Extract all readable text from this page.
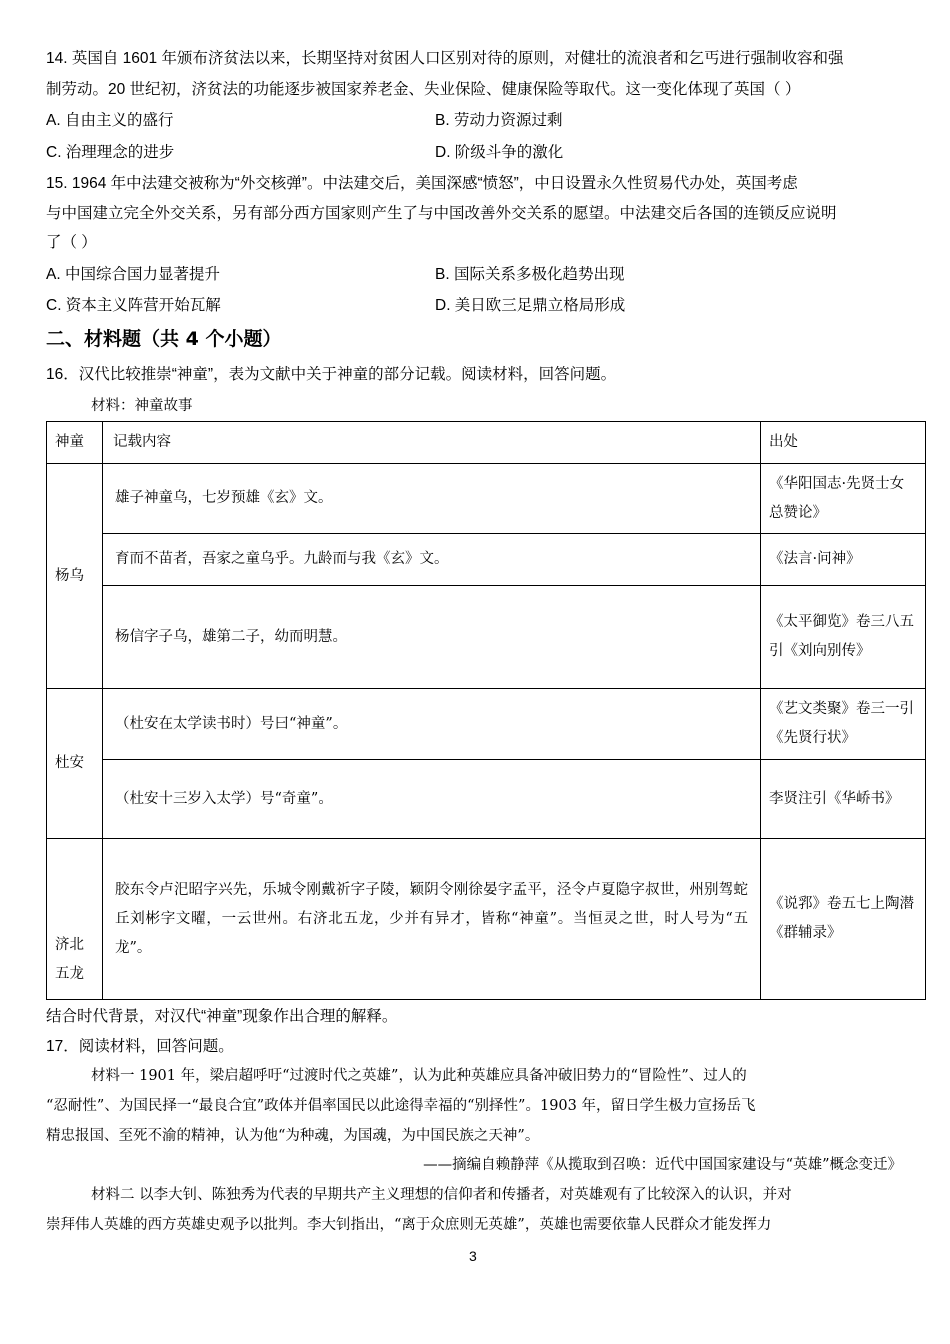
14. 英国自 1601 年颁布济贫法以来，长期坚持对贫困人口区别对待的原则，对健壮的流浪者和乞丐进行强制收容和强
制劳动。20 世纪初，济贫法的功能逐步被国家养老金、失业保险、健康保险等取代。这一变化体现了英国（ ）
A. 自由主义的盛行	B. 劳动力资源过剩
C. 治理理念的进步	D. 阶级斗争的激化
15. 1964 年中法建交被称为“外交核弹”。中法建交后，美国深感“愤怒”，中日设置永久性贸易代办处，英国考虑
与中国建立完全外交关系，另有部分西方国家则产生了与中国改善外交关系的愿望。中法建交后各国的连锁反应说明
了（ ）
A. 中国综合国力显著提升	B. 国际关系多极化趋势出现
C. 资本主义阵营开始瓦解	D. 美日欧三足鼎立格局形成
二、材料题（共 4 个小题）
16．汉代比较推崇“神童”，表为文献中关于神童的部分记载。阅读材料，回答问题。
材料：神童故事
神童	记载内容	出处
杨乌	雄子神童乌，七岁预雄《玄》文。	《华阳国志·先贤士女总赞论》
	育而不苗者，吾家之童乌乎。九龄而与我《玄》文。	《法言·问神》
	杨信字子乌，雄第二子，幼而明慧。	《太平御览》卷三八五引《刘向别传》
杜安	（杜安在太学读书时）号曰“神童”。	《艺文类聚》卷三一引《先贤行状》
	（杜安十三岁入太学）号“奇童”。	李贤注引《华峤书》
济北五龙	胶东令卢汜昭字兴先，乐城令刚戴祈字子陵，颖阴令刚徐晏字孟平，泾令卢夏隐字叔世，州别驾蛇丘刘彬字文曜，一云世州。右济北五龙，少并有异才，皆称“神童”。当恒灵之世，时人号为“五龙”。	《说郛》卷五七上陶潜《群辅录》
结合时代背景，对汉代“神童”现象作出合理的解释。
17．阅读材料，回答问题。
材料一 1901 年，梁启超呼吁“过渡时代之英雄”，认为此种英雄应具备冲破旧势力的“冒险性”、过人的
“忍耐性”、为国民择一“最良合宜”政体并倡率国民以此途得幸福的“别择性”。1903 年，留日学生极力宣扬岳飞
精忠报国、至死不渝的精神，认为他“为种魂，为国魂，为中国民族之天神”。
——摘编自赖静萍《从揽取到召唤：近代中国国家建设与“英雄”概念变迁》
材料二 以李大钊、陈独秀为代表的早期共产主义理想的信仰者和传播者，对英雄观有了比较深入的认识，并对
崇拜伟人英雄的西方英雄史观予以批判。李大钊指出，“离于众庶则无英雄”，英雄也需要依靠人民群众才能发挥力
3
